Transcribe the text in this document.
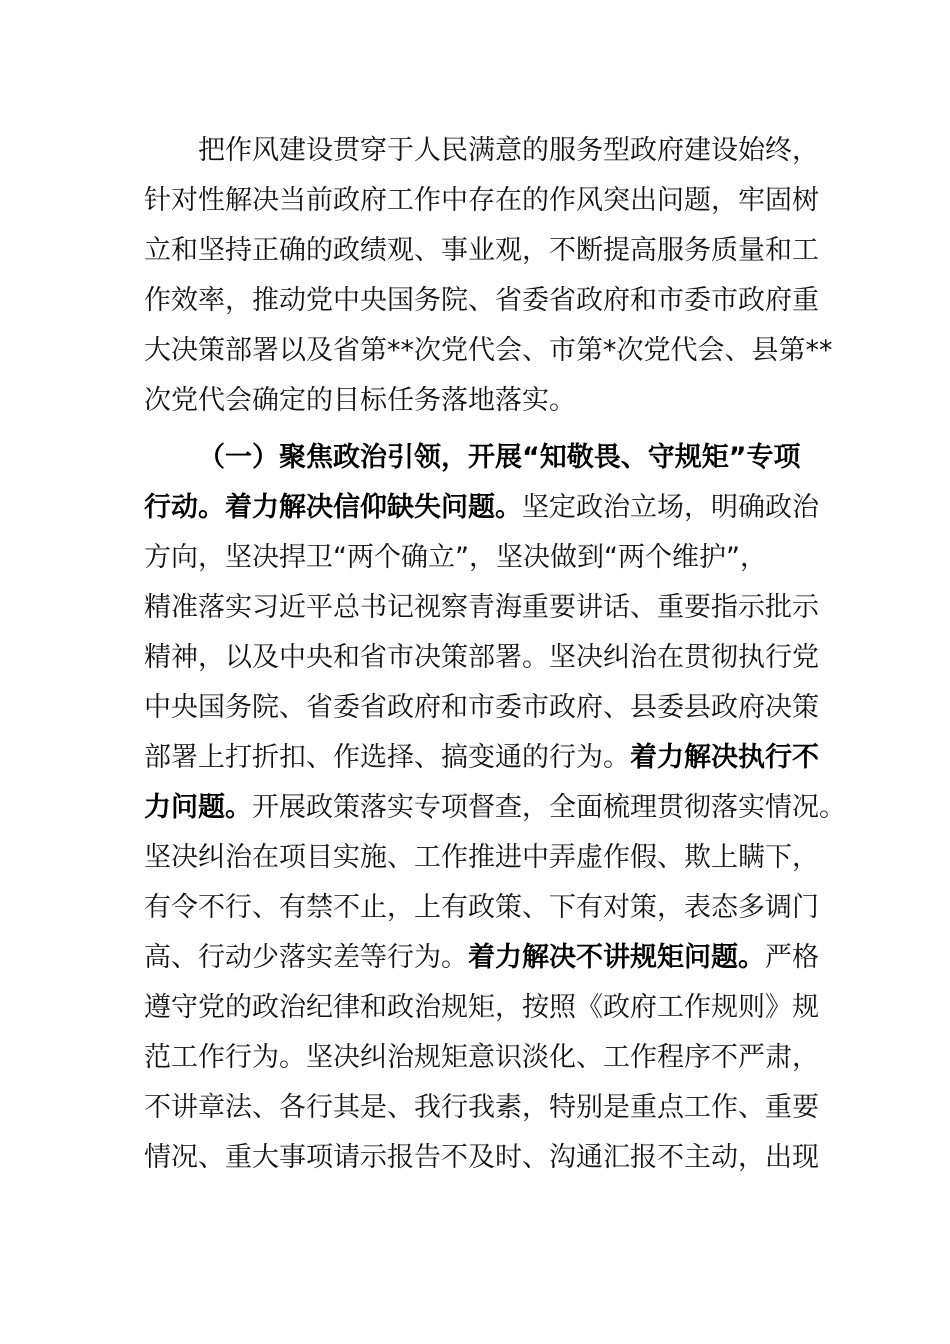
把作风建设贯穿于人民满意的服务型政府建设始终，
针对性解决当前政府工作中存在的作风突出问题，牢固树
立和坚持正确的政绩观、事业观，不断提高服务质量和工
作效率，推动党中央国务院、省委省政府和市委市政府重
大决策部署以及省第**次党代会、市第*次党代会、县第**
次党代会确定的目标任务落地落实。
（一）聚焦政治引领，开展“知敬畏、守规矩”专项
行动。着力解决信仰缺失问题。坚定政治立场，明确政治
方向，坚决捍卫“两个确立”，坚决做到“两个维护”，
精准落实习近平总书记视察青海重要讲话、重要指示批示
精神，以及中央和省市决策部署。坚决纠治在贯彻执行党
中央国务院、省委省政府和市委市政府、县委县政府决策
部署上打折扣、作选择、搞变通的行为。着力解决执行不
力问题。开展政策落实专项督查，全面梳理贯彻落实情况。
坚决纠治在项目实施、工作推进中弄虚作假、欺上瞒下，
有令不行、有禁不止，上有政策、下有对策，表态多调门
高、行动少落实差等行为。着力解决不讲规矩问题。严格
遵守党的政治纪律和政治规矩，按照《政府工作规则》规
范工作行为。坚决纠治规矩意识淡化、工作程序不严肃，
不讲章法、各行其是、我行我素，特别是重点工作、重要
情况、重大事项请示报告不及时、沟通汇报不主动，出现
